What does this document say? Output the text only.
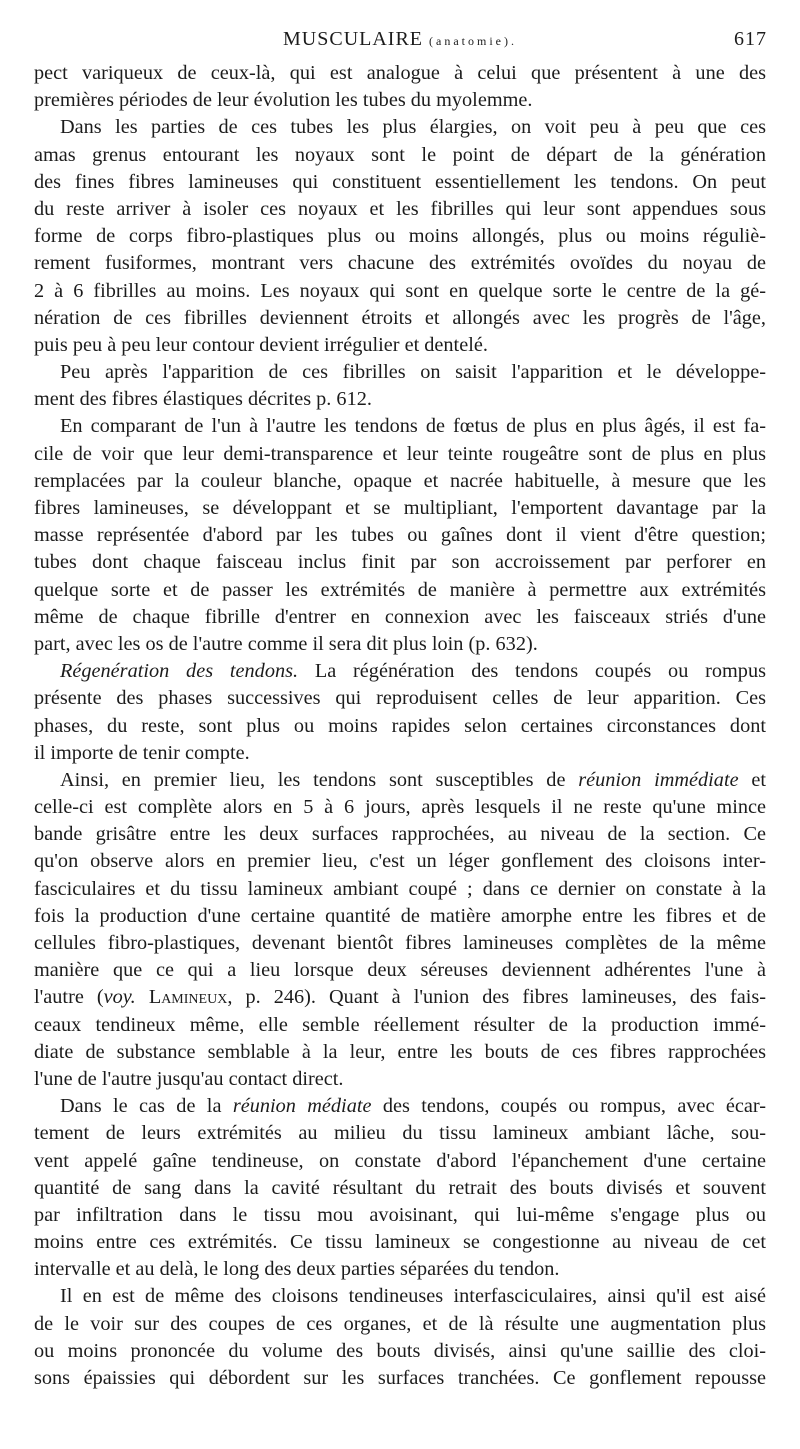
MUSCULAIRE (anatomie).	617
pect variqueux de ceux-là, qui est analogue à celui que présentent à une des
premières périodes de leur évolution les tubes du myolemme.
Dans les parties de ces tubes les plus élargies, on voit peu à peu que ces
amas grenus entourant les noyaux sont le point de départ de la génération
des fines fibres lamineuses qui constituent essentiellement les tendons. On peut
du reste arriver à isoler ces noyaux et les fibrilles qui leur sont appendues sous
forme de corps fibro-plastiques plus ou moins allongés, plus ou moins réguliè-
rement fusiformes, montrant vers chacune des extrémités ovoïdes du noyau de
2 à 6 fibrilles au moins. Les noyaux qui sont en quelque sorte le centre de la gé-
nération de ces fibrilles deviennent étroits et allongés avec les progrès de l'âge,
puis peu à peu leur contour devient irrégulier et dentelé.
Peu après l'apparition de ces fibrilles on saisit l'apparition et le développe-
ment des fibres élastiques décrites p. 612.
En comparant de l'un à l'autre les tendons de fœtus de plus en plus âgés, il est fa-
cile de voir que leur demi-transparence et leur teinte rougeâtre sont de plus en plus
remplacées par la couleur blanche, opaque et nacrée habituelle, à mesure que les
fibres lamineuses, se développant et se multipliant, l'emportent davantage par la
masse représentée d'abord par les tubes ou gaînes dont il vient d'être question;
tubes dont chaque faisceau inclus finit par son accroissement par perforer en
quelque sorte et de passer les extrémités de manière à permettre aux extrémités
même de chaque fibrille d'entrer en connexion avec les faisceaux striés d'une
part, avec les os de l'autre comme il sera dit plus loin (p. 632).
Régenération des tendons. La régénération des tendons coupés ou rompus
présente des phases successives qui reproduisent celles de leur apparition. Ces
phases, du reste, sont plus ou moins rapides selon certaines circonstances dont
il importe de tenir compte.
Ainsi, en premier lieu, les tendons sont susceptibles de réunion immédiate et
celle-ci est complète alors en 5 à 6 jours, après lesquels il ne reste qu'une mince
bande grisâtre entre les deux surfaces rapprochées, au niveau de la section. Ce
qu'on observe alors en premier lieu, c'est un léger gonflement des cloisons inter-
fasciculaires et du tissu lamineux ambiant coupé ; dans ce dernier on constate à la
fois la production d'une certaine quantité de matière amorphe entre les fibres et de
cellules fibro-plastiques, devenant bientôt fibres lamineuses complètes de la même
manière que ce qui a lieu lorsque deux séreuses deviennent adhérentes l'une à
l'autre (voy. Lamineux, p. 246). Quant à l'union des fibres lamineuses, des fais-
ceaux tendineux même, elle semble réellement résulter de la production immé-
diate de substance semblable à la leur, entre les bouts de ces fibres rapprochées
l'une de l'autre jusqu'au contact direct.
Dans le cas de la réunion médiate des tendons, coupés ou rompus, avec écar-
tement de leurs extrémités au milieu du tissu lamineux ambiant lâche, sou-
vent appelé gaîne tendineuse, on constate d'abord l'épanchement d'une certaine
quantité de sang dans la cavité résultant du retrait des bouts divisés et souvent
par infiltration dans le tissu mou avoisinant, qui lui-même s'engage plus ou
moins entre ces extrémités. Ce tissu lamineux se congestionne au niveau de cet
intervalle et au delà, le long des deux parties séparées du tendon.
Il en est de même des cloisons tendineuses interfasciculaires, ainsi qu'il est aisé
de le voir sur des coupes de ces organes, et de là résulte une augmentation plus
ou moins prononcée du volume des bouts divisés, ainsi qu'une saillie des cloi-
sons épaissies qui débordent sur les surfaces tranchées. Ce gonflement repousse
